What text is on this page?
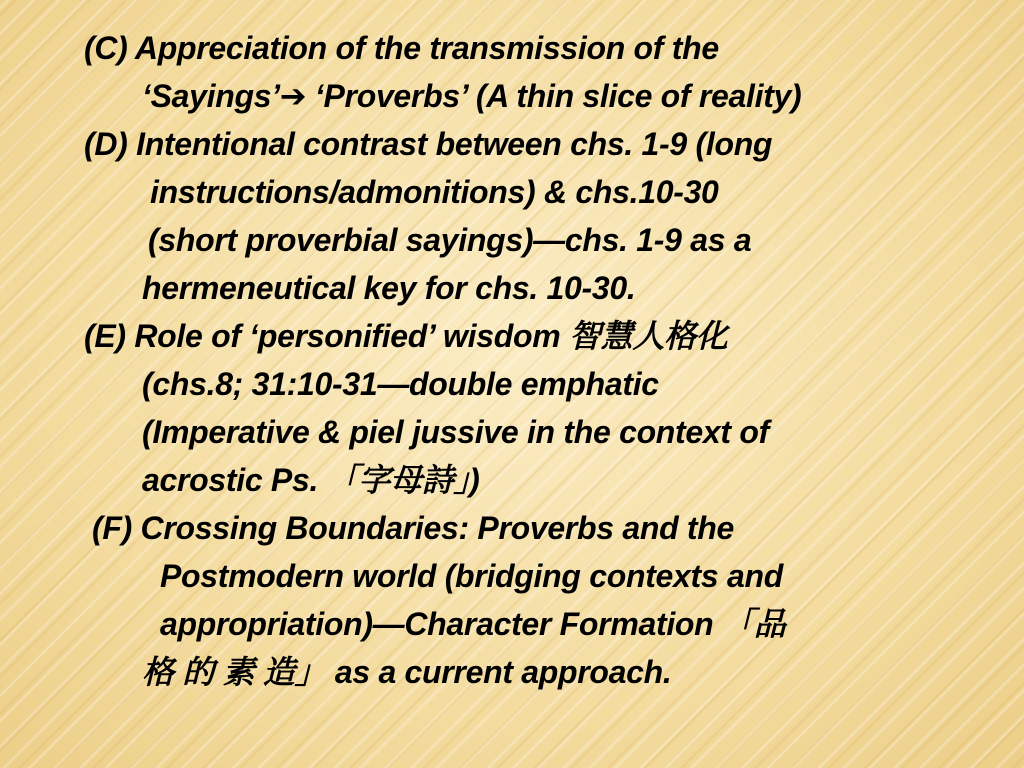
(C) Appreciation of the transmission of the
‘Sayings’➔ ‘Proverbs’ (A thin slice of reality)
(D) Intentional contrast between chs. 1-9 (long
instructions/admonitions) & chs.10-30
(short proverbial sayings)—chs. 1-9 as a
hermeneutical key for chs. 10-30.
(E) Role of ‘personified’ wisdom 智慧人格化
(chs.8; 31:10-31—double emphatic
(Imperative & piel jussive in the context of
acrostic Ps. 「字母詩」)
(F) Crossing Boundaries: Proverbs and the
Postmodern world (bridging contexts and
appropriation)—Character Formation 「品
格 的 素 造」 as a current approach.
